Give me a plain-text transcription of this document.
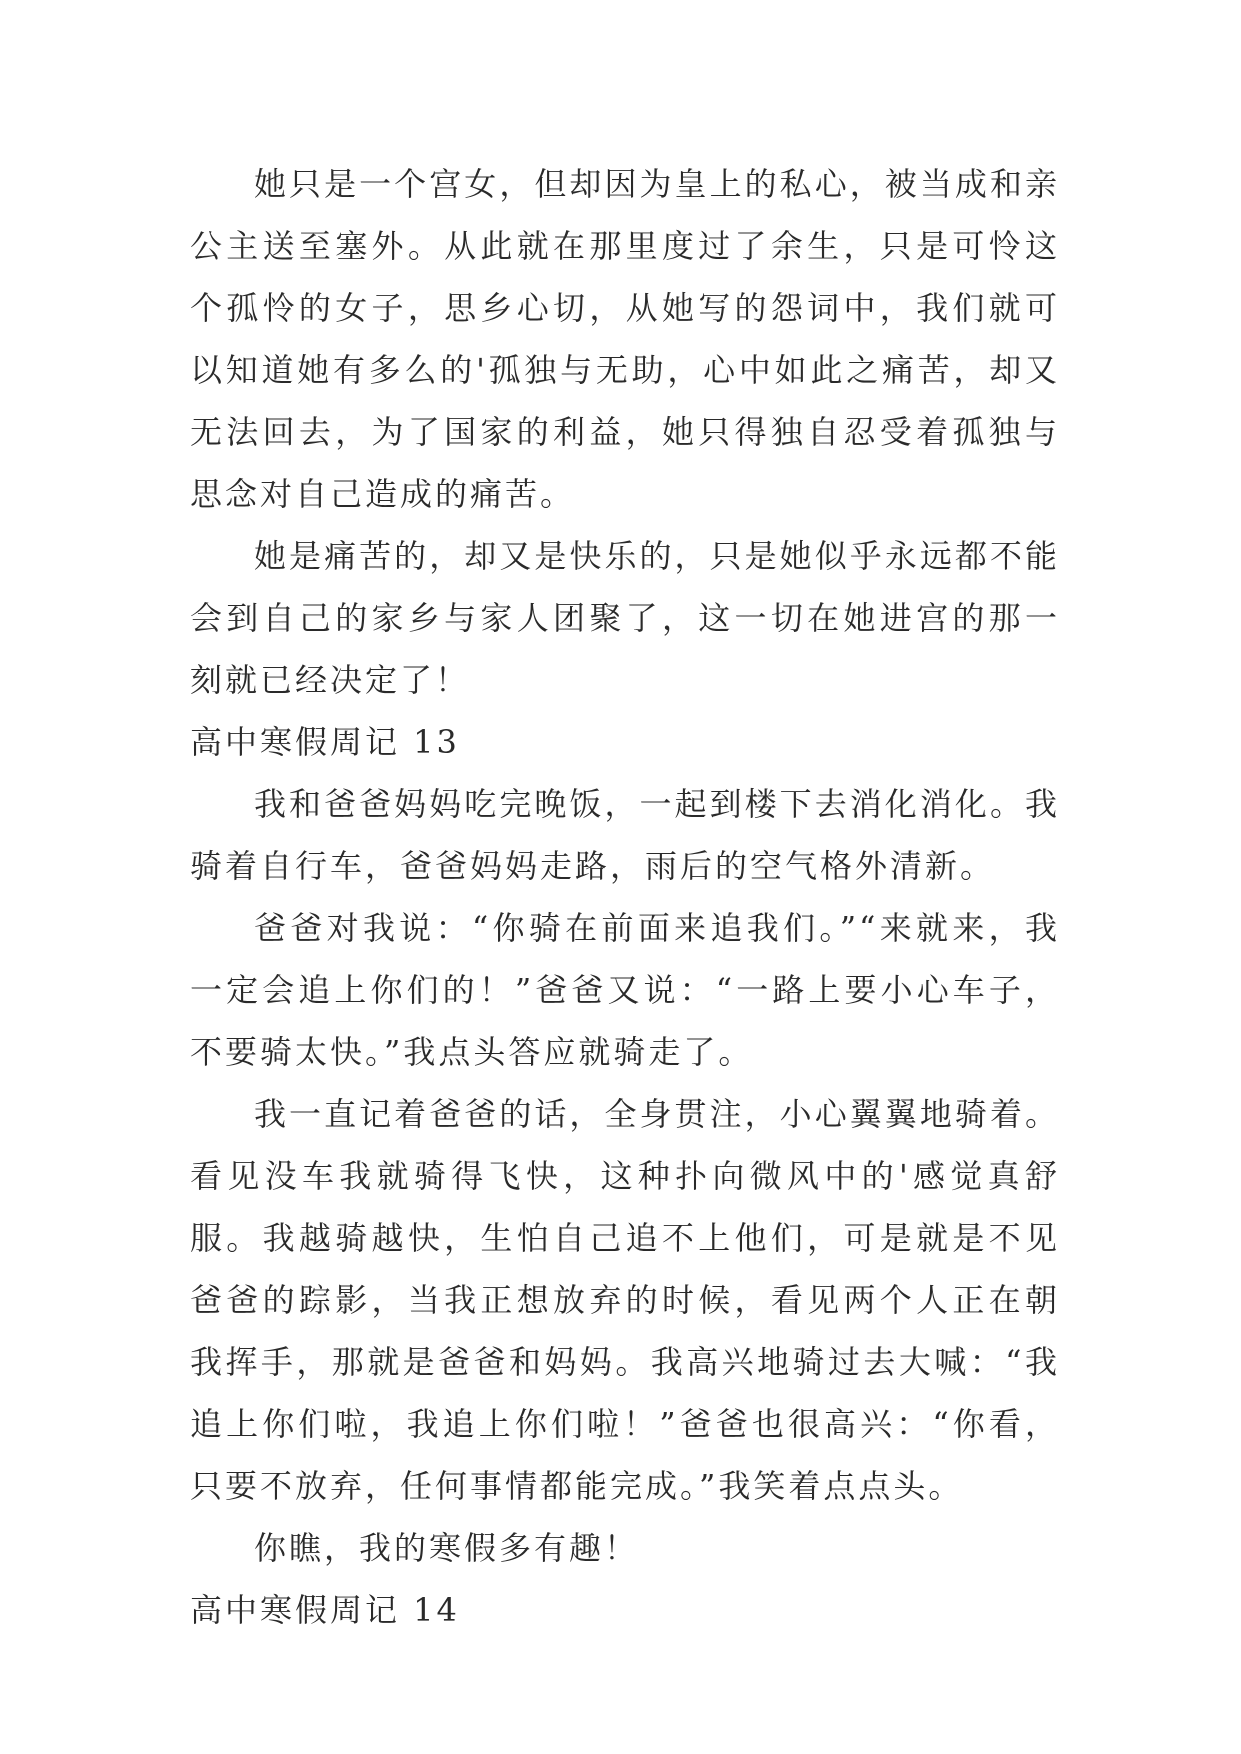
她只是一个宫女，但却因为皇上的私心，被当成和亲公主送至塞外。从此就在那里度过了余生，只是可怜这个孤怜的女子，思乡心切，从她写的怨词中，我们就可以知道她有多么的'孤独与无助，心中如此之痛苦，却又无法回去，为了国家的利益，她只得独自忍受着孤独与思念对自己造成的痛苦。

她是痛苦的，却又是快乐的，只是她似乎永远都不能会到自己的家乡与家人团聚了，这一切在她进宫的那一刻就已经决定了！

高中寒假周记 13

我和爸爸妈妈吃完晚饭，一起到楼下去消化消化。我骑着自行车，爸爸妈妈走路，雨后的空气格外清新。

爸爸对我说：“你骑在前面来追我们。”“来就来，我一定会追上你们的！”爸爸又说：“一路上要小心车子，不要骑太快。”我点头答应就骑走了。

我一直记着爸爸的话，全身贯注，小心翼翼地骑着。看见没车我就骑得飞快，这种扑向微风中的'感觉真舒服。我越骑越快，生怕自己追不上他们，可是就是不见爸爸的踪影，当我正想放弃的时候，看见两个人正在朝我挥手，那就是爸爸和妈妈。我高兴地骑过去大喊：“我追上你们啦，我追上你们啦！”爸爸也很高兴：“你看，只要不放弃，任何事情都能完成。”我笑着点点头。

你瞧，我的寒假多有趣！

高中寒假周记 14
